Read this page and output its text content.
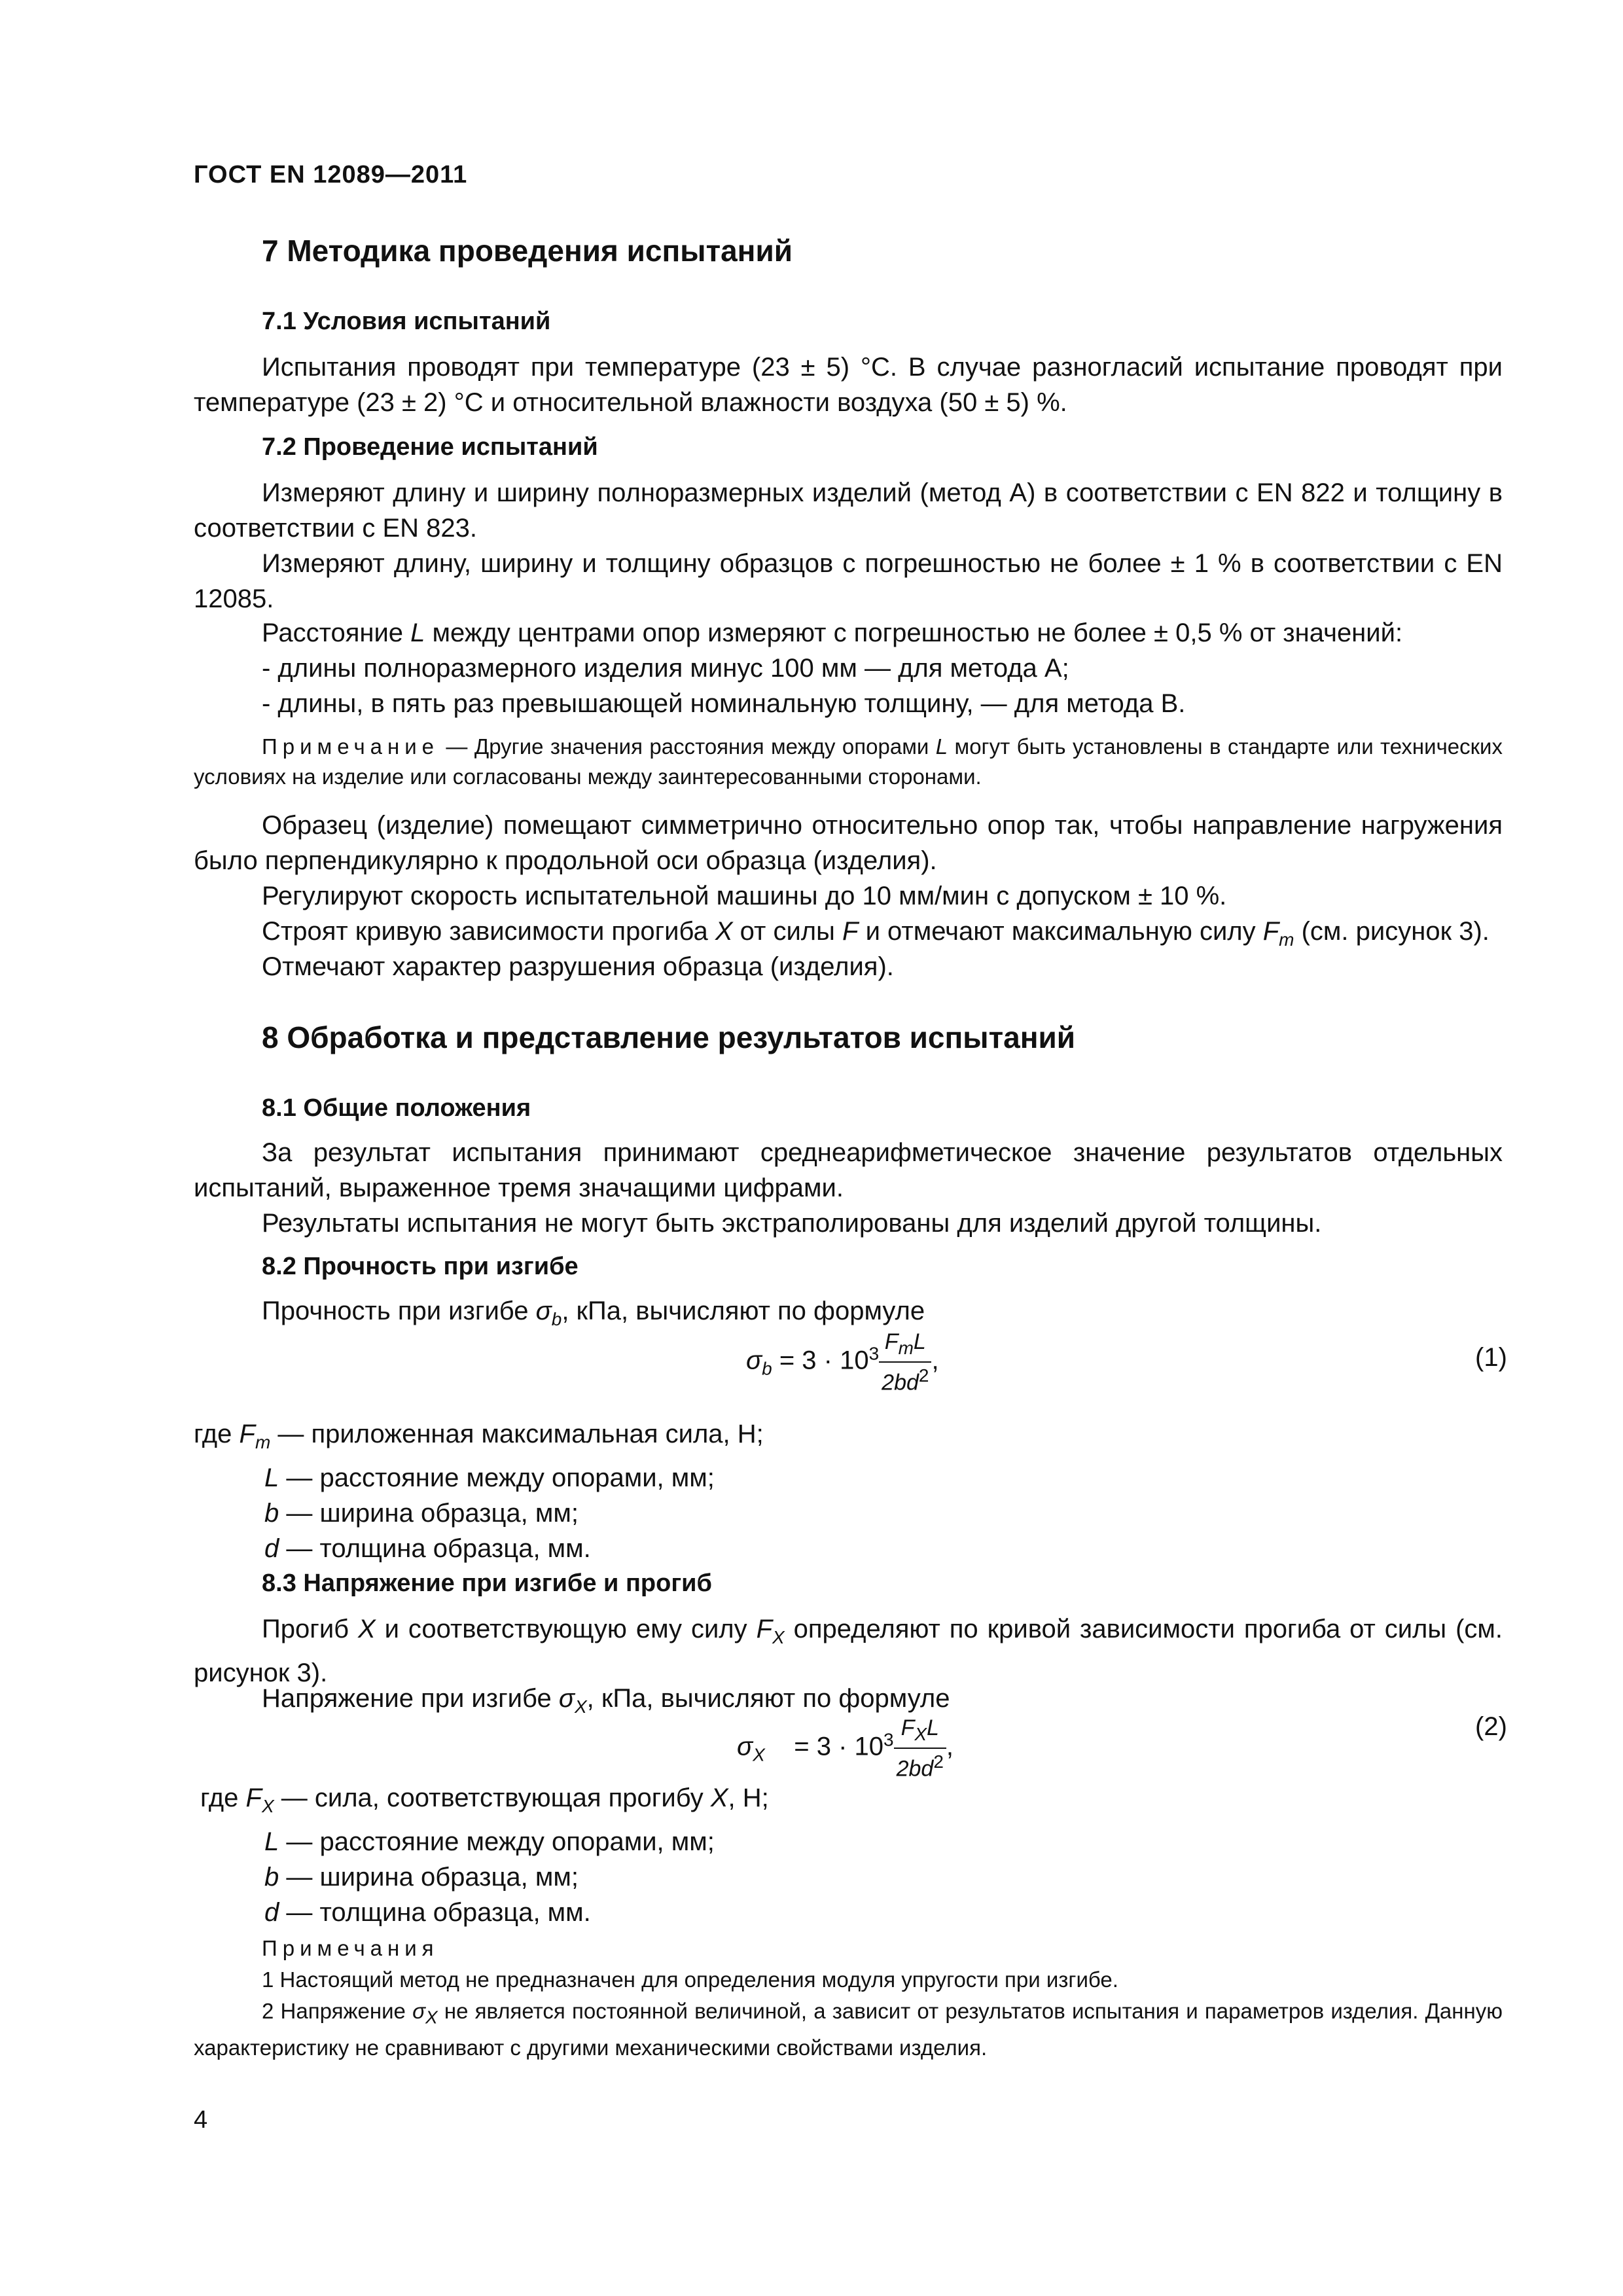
ГОСТ EN 12089—2011
7 Методика проведения испытаний
7.1 Условия испытаний
Испытания проводят при температуре (23 ± 5) °С. В случае разногласий испытание проводят при температуре (23 ± 2) °С и относительной влажности воздуха (50 ± 5) %.
7.2 Проведение испытаний
Измеряют длину и ширину полноразмерных изделий (метод А) в соответствии с EN 822 и толщину в соответствии с EN 823.
Измеряют длину, ширину и толщину образцов с погрешностью не более ± 1 % в соответствии с EN 12085.
Расстояние L между центрами опор измеряют с погрешностью не более ± 0,5 % от значений:
- длины полноразмерного изделия минус 100 мм — для метода А;
- длины, в пять раз превышающей номинальную толщину, — для метода В.
Примечание — Другие значения расстояния между опорами L могут быть установлены в стандарте или технических условиях на изделие или согласованы между заинтересованными сторонами.
Образец (изделие) помещают симметрично относительно опор так, чтобы направление нагружения было перпендикулярно к продольной оси образца (изделия).
Регулируют скорость испытательной машины до 10 мм/мин с допуском ± 10 %.
Строят кривую зависимости прогиба X от силы F и отмечают максимальную силу $F_m$ (см. рисунок 3).
Отмечают характер разрушения образца (изделия).
8 Обработка и представление результатов испытаний
8.1 Общие положения
За результат испытания принимают среднеарифметическое значение результатов отдельных испытаний, выраженное тремя значащими цифрами.
Результаты испытания не могут быть экстраполированы для изделий другой толщины.
8.2 Прочность при изгибе
Прочность при изгибе $\sigma_b$, кПа, вычисляют по формуле
$\sigma_b = 3 \cdot 10^3 \frac{F_mL}{2bd^2}$ ,	(1)
где $F_m$ — приложенная максимальная сила, Н;
L — расстояние между опорами, мм;
b — ширина образца, мм;
d — толщина образца, мм.
8.3 Напряжение при изгибе и прогиб
Прогиб X и соответствующую ему силу $F_X$ определяют по кривой зависимости прогиба от силы (см. рисунок 3).
Напряжение при изгибе $\sigma_X$, кПа, вычисляют по формуле
$\sigma_X$    = $3 \cdot 10^3 \frac{F_XL}{2bd^2}$ ,
(2)
где $F_X$ — сила, соответствующая прогибу X, Н;
L — расстояние между опорами, мм;
b — ширина образца, мм;
d — толщина образца, мм.
Примечания
1 Настоящий метод не предназначен для определения модуля упругости при изгибе.
2 Напряжение $\sigma_X$ не является постоянной величиной, а зависит от результатов испытания и параметров изделия. Данную характеристику не сравнивают с другими механическими свойствами изделия.
4
